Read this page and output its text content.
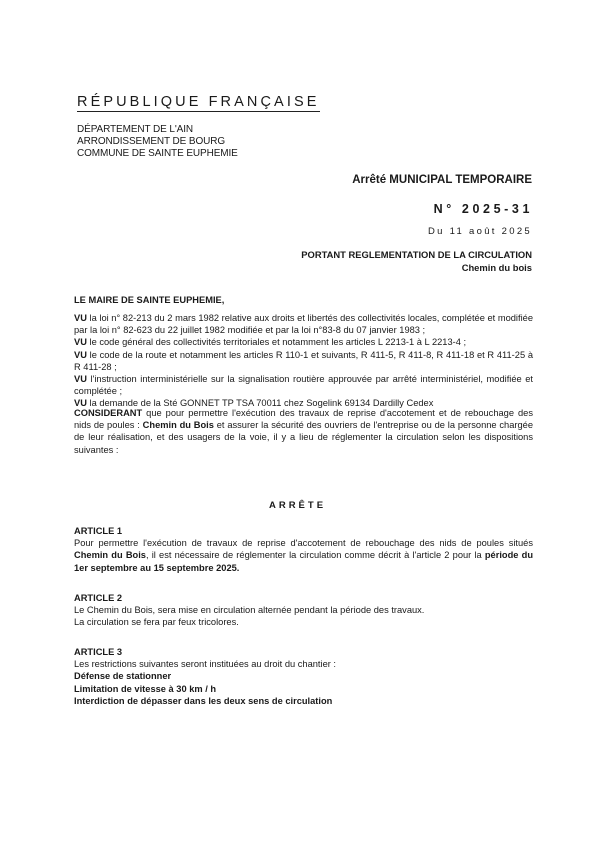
RÉPUBLIQUE FRANÇAISE
DÉPARTEMENT DE L'AIN
ARRONDISSEMENT DE BOURG
COMMUNE DE SAINTE EUPHEMIE
Arrêté MUNICIPAL TEMPORAIRE
N° 2025-31
Du 11 août 2025
PORTANT REGLEMENTATION DE LA CIRCULATION
Chemin du bois
LE MAIRE DE SAINTE EUPHEMIE,

VU la loi n° 82-213 du 2 mars 1982 relative aux droits et libertés des collectivités locales, complétée et modifiée par la loi n° 82-623 du 22 juillet 1982 modifiée et par la loi n°83-8 du 07 janvier 1983 ;

VU le code général des collectivités territoriales et notamment les articles L 2213-1 à L 2213-4 ;

VU le code de la route et notamment les articles R 110-1 et suivants, R 411-5, R 411-8, R 411-18 et R 411-25 à R 411-28 ;

VU l'instruction interministérielle sur la signalisation routière approuvée par arrêté interministériel, modifiée et complétée ;

VU la demande de la Sté GONNET TP TSA 70011 chez Sogelink 69134 Dardilly Cedex

CONSIDERANT que pour permettre l'exécution des travaux de reprise d'accotement et de rebouchage des nids de poules : Chemin du Bois et assurer la sécurité des ouvriers de l'entreprise ou de la personne chargée de leur réalisation, et des usagers de la voie, il y a lieu de réglementer la circulation selon les dispositions suivantes :

ARRÊTE
ARTICLE 1

Pour permettre l'exécution de travaux de reprise d'accotement de rebouchage des nids de poules situés Chemin du Bois, il est nécessaire de réglementer la circulation comme décrit à l'article 2 pour la période du 1er septembre au 15 septembre 2025.

ARTICLE 2

Le Chemin du Bois, sera mise en circulation alternée pendant la période des travaux.

La circulation se fera par feux tricolores.

ARTICLE 3

Les restrictions suivantes seront instituées au droit du chantier :

Défense de stationner

Limitation de vitesse à 30 km / h

Interdiction de dépasser dans les deux sens de circulation
